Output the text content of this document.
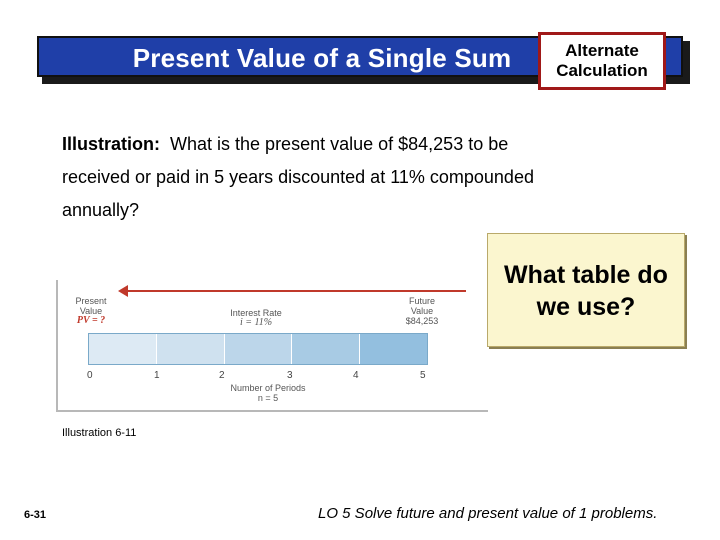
Present Value of a Single Sum	Alternate
Calculation
Illustration: What is the present value of $84,253 to be
received or paid in 5 years discounted at 11% compounded
annually?
Present
Value
PV = ?
Interest Rate
i = 11%
Future
Value
$84,253
0	1	2	3	4	5
Number of Periods
n = 5
What table do
we use?
Illustration 6-11
6-31	LO 5 Solve future and present value of 1 problems.
